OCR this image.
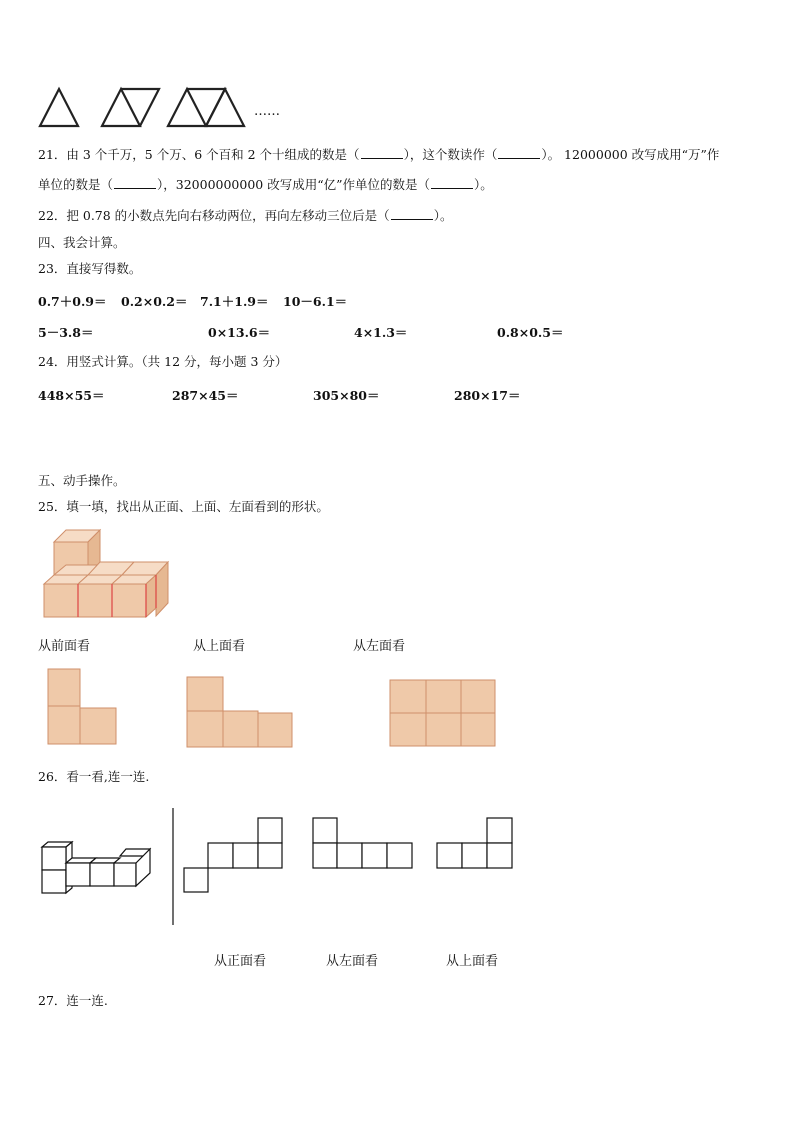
……
21．由 3 个千万，5 个万、6 个百和 2 个十组成的数是（	），这个数读作（	）。 12000000 改写成用“万”作
单位的数是（	），32000000000 改写成用“亿”作单位的数是（	）。
22．把 0.78 的小数点先向右移动两位，再向左移动三位后是（	）。
四、我会计算。
23．直接写得数。
0.7＋0.9＝ 0.2×0.2＝ 7.1＋1.9＝ 10－6.1＝
5－3.8＝	0×13.6＝	4×1.3＝	0.8×0.5＝
24．用竖式计算。（共 12 分，每小题 3 分）
448×55＝	287×45＝	305×80＝	280×17＝
五、动手操作。
25．填一填，找出从正面、上面、左面看到的形状。
从前面看	从上面看	从左面看
26．看一看,连一连.
从正面看	从左面看	从上面看
27．连一连.
